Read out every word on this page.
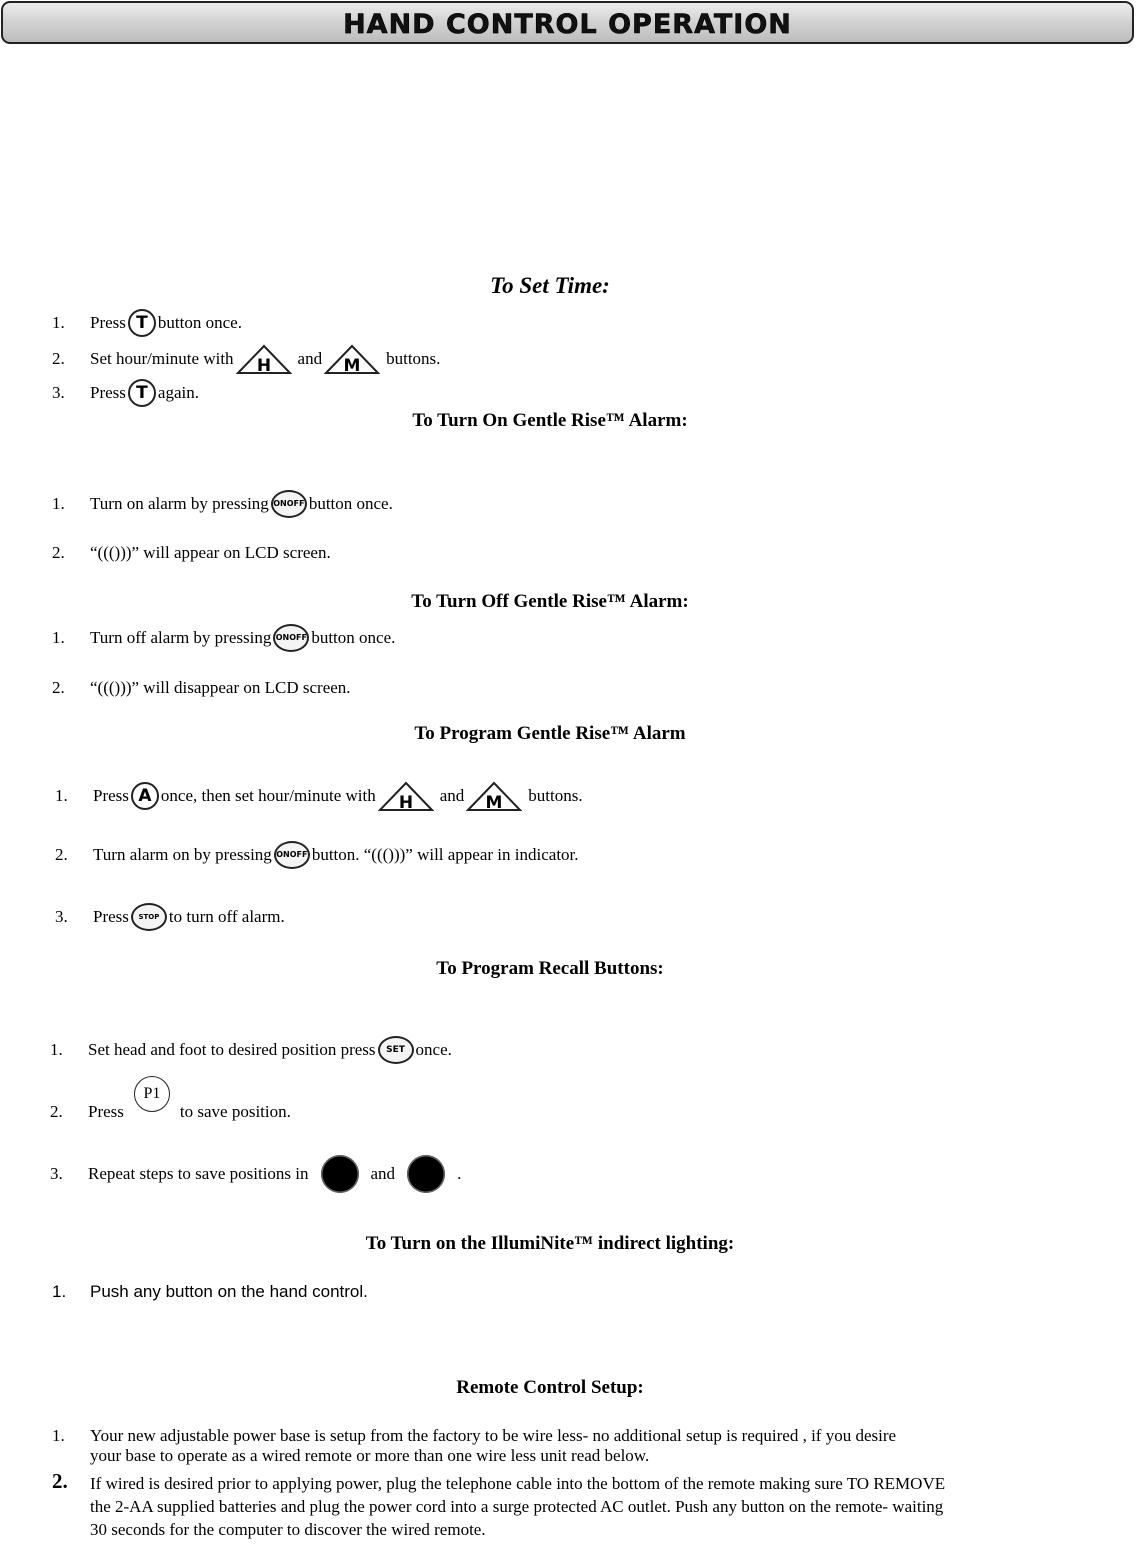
HAND CONTROL OPERATION
To Set Time:
1.	Press T button once.
2.	Set hour/minute with H and M buttons.
3.	Press T again.
To Turn On Gentle Rise™ Alarm:
1.	Turn on alarm by pressing ON OFF button once.
2.	“((()))” will appear on LCD screen.
To Turn Off Gentle Rise™ Alarm:
1.	Turn off alarm by pressing ON OFF button once.
2.	“((()))” will disappear on LCD screen.
To Program Gentle Rise™ Alarm
1.	Press A once, then set hour/minute with H and M buttons.
2.	Turn alarm on by pressing ON OFF button. “((()))” will appear in indicator.
3.	Press	STOP to turn off alarm.
To Program Recall Buttons:
1.	Set head and foot to desired position press	SET once.
2.	Press
P1
to save position.
3.	Repeat steps to save positions in	and	.
To Turn on the IllumiNite™ indirect lighting:
1.	Push any button on the hand control.
Remote Control Setup:
1. Your new adjustable power base is setup from the factory to be wire less- no additional setup is required , if you desire
your base to operate as a wired remote or more than one wire less unit read below.
2. If wired is desired prior to applying power, plug the telephone cable into the bottom of the remote making sure TO REMOVE
the 2-AA supplied batteries and plug the power cord into a surge protected AC outlet. Push any button on the remote- waiting
30 seconds for the computer to discover the wired remote.
